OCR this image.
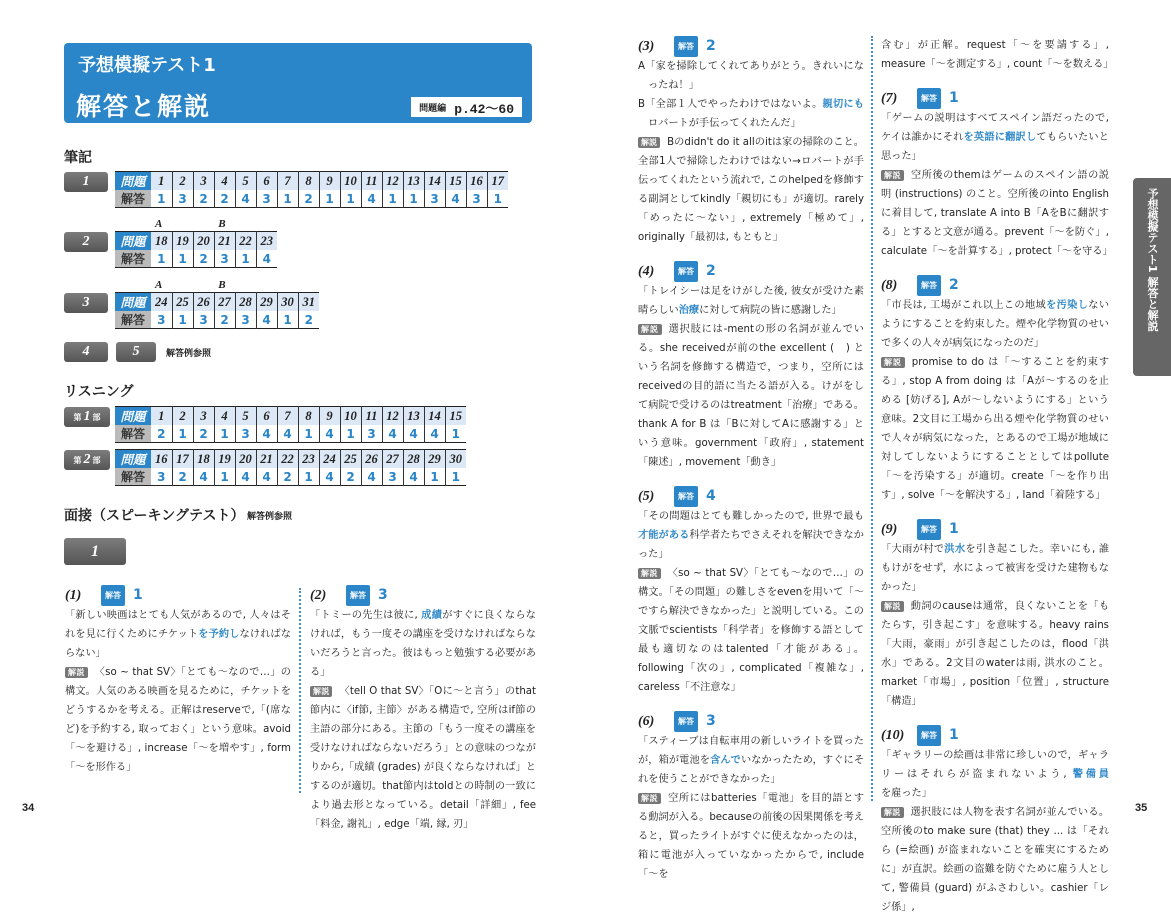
予想模擬テスト1
解答と解説	問題編 p.42〜60
筆記
1	問題	1	2	3	4	5	6	7	8	9	10	11	12	13	14	15	16	17
解答	1	3	2	2	4	3	1	2	1	1	4	1	1	3	4	3	1
2	問題	18	19	20	21	22	23
解答	1	1	2	3	1	4
A	B
3	問題	24	25	26	27	28	29	30	31
解答	3	1	3	2	3	4	1	2
A	B
4	5	解答例参照
リスニング
第 1 部 問題	1	2	3	4	5	6	7	8	9	10	11	12	13	14	15
解答	2	1	2	1	3	4	4	1	4	1	3	4	4	4	1
第 2 部 問題	16	17	18	19	20	21	22	23	24	25	26	27	28	29	30
解答	3	2	4	1	4	4	2	1	4	2	4	3	4	1	1
面接（スピーキングテスト） 解答例参照
1
(1)	解答 1
「新しい映画はとても人気があるので, 人々はそれを見に行くためにチケットを予約しなければならない」
解説 〈so ~ that SV〉「とても～なので…」の構文。人気のある映画を見るために，チケットをどうするかを考える。正解はreserveで,「(席など)を予約する, 取っておく」という意味。avoid「～を避ける」, increase「～を増やす」, form「～を形作る」
(2)	解答 3
「トミーの先生は彼に, 成績がすぐに良くならなければ，もう一度その講座を受けなければならないだろうと言った。彼はもっと勉強する必要がある」
解説 〈tell O that SV〉「Oに～と言う」のthat節内に〈if節, 主節〉がある構造で, 空所はif節の主語の部分にある。主節の「もう一度その講座を受けなければならないだろう」との意味のつながりから,「成績 (grades) が良くならなければ」とするのが適切。that節内はtoldとの時制の一致により過去形となっている。detail「詳細」, fee「料金, 謝礼」, edge「端, 縁, 刃」
(3)	解答 2
A「家を掃除してくれてありがとう。きれいになったね！」
B「全部１人でやったわけではないよ。親切にもロバートが手伝ってくれたんだ」
解説 Bのdidn't do it allのitは家の掃除のこと。全部1人で掃除したわけではない→ロバートが手伝ってくれたという流れで, このhelpedを修飾する副詞としてkindly「親切にも」が適切。rarely「めったに～ない」, extremely「極めて」, originally「最初は, もともと」
(4)	解答 2
「トレイシーは足をけがした後, 彼女が受けた素晴らしい治療に対して病院の皆に感謝した」
解説 選択肢には-mentの形の名詞が並んでいる。she receivedが前のthe excellent (　) という名詞を修飾する構造で，つまり，空所にはreceivedの目的語に当たる語が入る。けがをして病院で受けるのはtreatment「治療」である。thank A for B は「Bに対してAに感謝する」という意味。government「政府」, statement「陳述」, movement「動き」
(5)	解答 4
「その問題はとても難しかったので, 世界で最も才能がある科学者たちでさえそれを解決できなかった」
解説 〈so ~ that SV〉「とても～なので…」の構文。「その問題」の難しさをevenを用いて「～ですら解決できなかった」と説明している。この文脈でscientists「科学者」を修飾する語として最も適切なのはtalented「才能がある」。following「次の」, complicated「複雑な」, careless「不注意な」
(6)	解答 3
「スティーブは自転車用の新しいライトを買ったが，箱が電池を含んでいなかったため，すぐにそれを使うことができなかった」
解説 空所にはbatteries「電池」を目的語とする動詞が入る。becauseの前後の因果関係を考えると，買ったライトがすぐに使えなかったのは，箱に電池が入っていなかったからで, include「～を
含む」が正解。request「～を要請する」, measure「～を測定する」, count「～を数える」
(7)	解答 1
「ゲームの説明はすべてスペイン語だったので, ケイは誰かにそれを英語に翻訳してもらいたいと思った」
解説 空所後のthemはゲームのスペイン語の説明 (instructions) のこと。空所後のinto Englishに着目して, translate A into B「AをBに翻訳する」とすると文意が通る。prevent「～を防ぐ」, calculate「～を計算する」, protect「～を守る」
(8)	解答 2
「市長は, 工場がこれ以上この地域を汚染しないようにすることを約束した。煙や化学物質のせいで多くの人々が病気になったのだ」
解説 promise to do は「～することを約束する」, stop A from doing は「Aが～するのを止める [妨げる], Aが～しないようにする」という意味。2文目に工場から出る煙や化学物質のせいで人々が病気になった，とあるので工場が地域に対してしないようにすることとしてはpollute「～を汚染する」が適切。create「～を作り出す」, solve「～を解決する」, land「着陸する」
(9)	解答 1
「大雨が村で洪水を引き起こした。幸いにも, 誰もけがをせず，水によって被害を受けた建物もなかった」
解説 動詞のcauseは通常，良くないことを「もたらす，引き起こす」を意味する。heavy rains「大雨，豪雨」が引き起こしたのは，flood「洪水」である。2文目のwaterは雨, 洪水のこと。market「市場」, position「位置」, structure「構造」
(10)	解答 1
「ギャラリーの絵画は非常に珍しいので，ギャラリーはそれらが盗まれないよう, 警備員を雇った」
解説 選択肢には人物を表す名詞が並んでいる。空所後のto make sure (that) they ... は「それら (=絵画) が盗まれないことを確実にするために」が直訳。絵画の盗難を防ぐために雇う人として, 警備員 (guard) がふさわしい。cashier「レジ係」,
予想模擬テスト1 解答と解説
34	35
